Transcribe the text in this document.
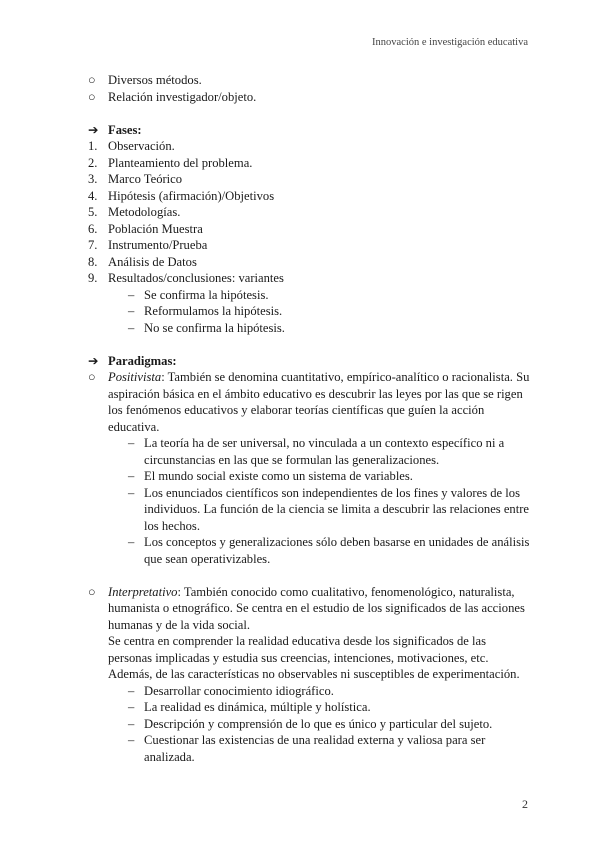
Innovación e investigación educativa
○ Diversos métodos.
○ Relación investigador/objeto.
➔ Fases:
1. Observación.
2. Planteamiento del problema.
3. Marco Teórico
4. Hipótesis (afirmación)/Objetivos
5. Metodologías.
6. Población Muestra
7. Instrumento/Prueba
8. Análisis de Datos
9. Resultados/conclusiones: variantes
– Se confirma la hipótesis.
– Reformulamos la hipótesis.
– No se confirma la hipótesis.
➔ Paradigmas:
○ Positivista: También se denomina cuantitativo, empírico-analítico o racionalista. Su aspiración básica en el ámbito educativo es descubrir las leyes por las que se rigen los fenómenos educativos y elaborar teorías científicas que guíen la acción educativa.
– La teoría ha de ser universal, no vinculada a un contexto específico ni a circunstancias en las que se formulan las generalizaciones.
– El mundo social existe como un sistema de variables.
– Los enunciados científicos son independientes de los fines y valores de los individuos. La función de la ciencia se limita a descubrir las relaciones entre los hechos.
– Los conceptos y generalizaciones sólo deben basarse en unidades de análisis que sean operativizables.
○ Interpretativo: También conocido como cualitativo, fenomenológico, naturalista, humanista o etnográfico. Se centra en el estudio de los significados de las acciones humanas y de la vida social.
Se centra en comprender la realidad educativa desde los significados de las personas implicadas y estudia sus creencias, intenciones, motivaciones, etc. Además, de las características no observables ni susceptibles de experimentación.
– Desarrollar conocimiento idiográfico.
– La realidad es dinámica, múltiple y holística.
– Descripción y comprensión de lo que es único y particular del sujeto.
– Cuestionar las existencias de una realidad externa y valiosa para ser analizada.
2
